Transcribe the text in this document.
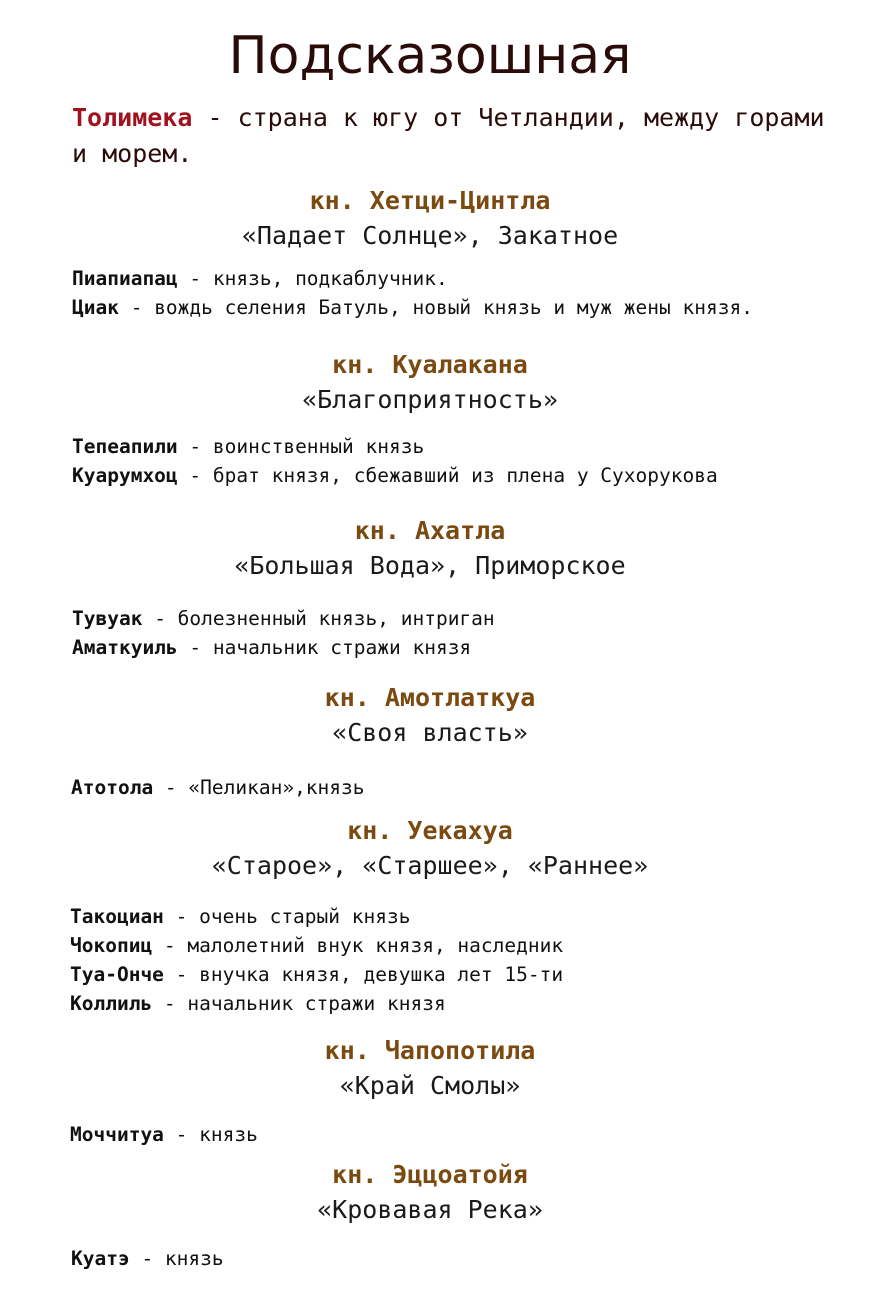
Подсказошная
Толимека - страна к югу от Четландии, между горами и морем.
кн. Хетци-Цинтла
«Падает Солнце», Закатное
Пиапиапац - князь, подкаблучник.
Циак - вождь селения Батуль, новый князь и муж жены князя.
кн. Куалакана
«Благоприятность»
Тепеапили - воинственный князь
Куарумхоц - брат князя, сбежавший из плена у Сухорукова
кн. Ахатла
«Большая Вода», Приморское
Тувуак - болезненный князь, интриган
Аматкуиль - начальник стражи князя
кн. Амотлаткуа
«Своя власть»
Атотола - «Пеликан»,князь
кн. Уекахуа
«Старое», «Старшее», «Раннее»
Такоциан - очень старый князь
Чокопиц - малолетний внук князя, наследник
Туа-Онче - внучка князя, девушка лет 15-ти
Коллиль - начальник стражи князя
кн. Чапопотила
«Край Смолы»
Моччитуа - князь
кн. Эццоатойя
«Кровавая Река»
Куатэ - князь
